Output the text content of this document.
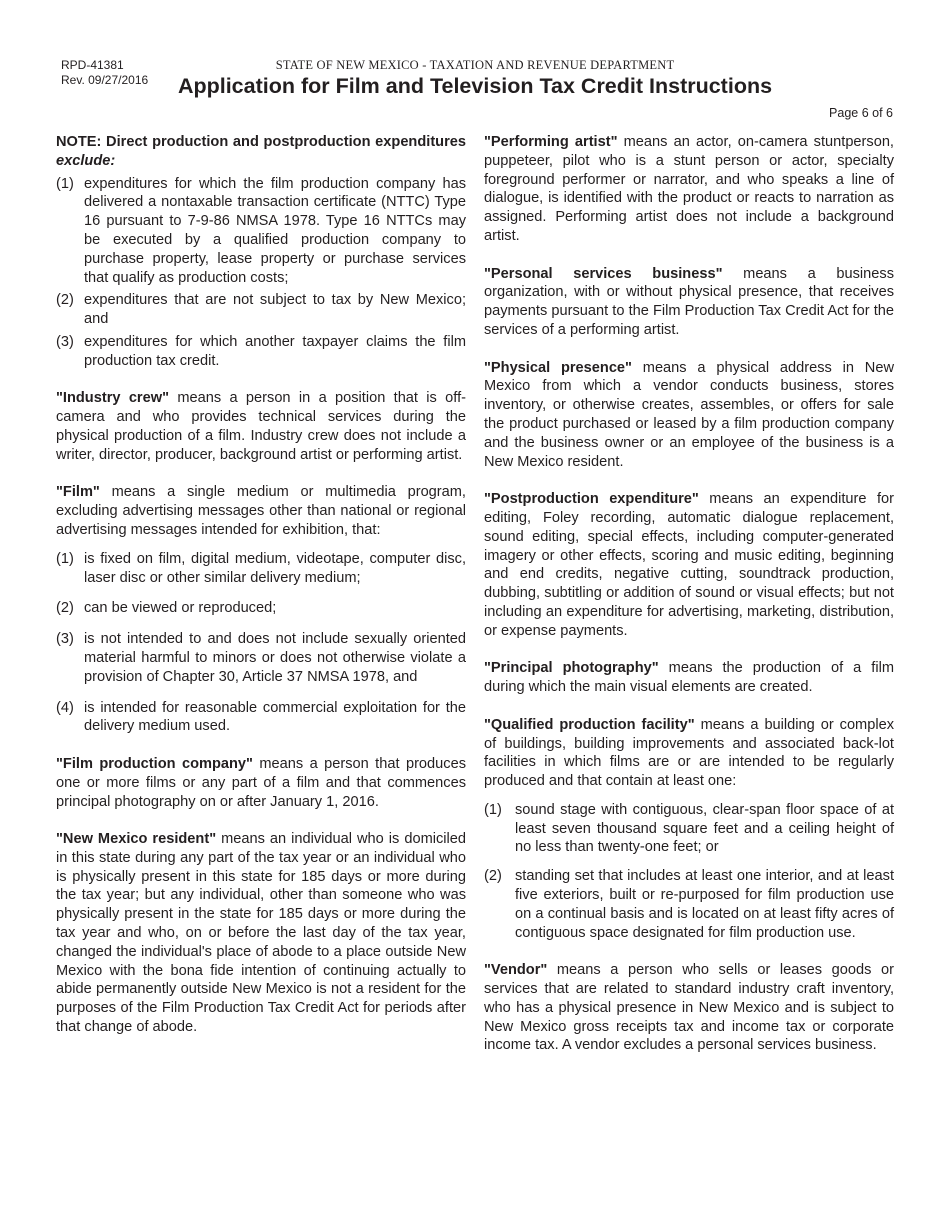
RPD-41381
Rev. 09/27/2016
STATE OF NEW MEXICO - TAXATION AND REVENUE DEPARTMENT
Application for Film and Television Tax Credit Instructions
Page 6 of 6

NOTE: Direct production and postproduction expenditures exclude:

(1) expenditures for which the film production company has delivered a nontaxable transaction certificate (NTTC) Type 16 pursuant to 7-9-86 NMSA 1978. Type 16 NTTCs may be executed by a qualified production company to purchase property, lease property or purchase services that qualify as production costs;
(2) expenditures that are not subject to tax by New Mexico; and
(3) expenditures for which another taxpayer claims the film production tax credit.

"Industry crew" means a person in a position that is off-camera and who provides technical services during the physical production of a film. Industry crew does not include a writer, director, producer, background artist or performing artist.

"Film" means a single medium or multimedia program, excluding advertising messages other than national or regional advertising messages intended for exhibition, that:

(1) is fixed on film, digital medium, videotape, computer disc, laser disc or other similar delivery medium;
(2) can be viewed or reproduced;
(3) is not intended to and does not include sexually oriented material harmful to minors or does not otherwise violate a provision of Chapter 30, Article 37 NMSA 1978, and
(4) is intended for reasonable commercial exploitation for the delivery medium used.

"Film production company" means a person that produces one or more films or any part of a film and that commences principal photography on or after January 1, 2016.

"New Mexico resident" means an individual who is domiciled in this state during any part of the tax year or an individual who is physically present in this state for 185 days or more during the tax year; but any individual, other than someone who was physically present in the state for 185 days or more during the tax year and who, on or before the last day of the tax year, changed the individual's place of abode to a place outside New Mexico with the bona fide intention of continuing actually to abide permanently outside New Mexico is not a resident for the purposes of the Film Production Tax Credit Act for periods after that change of abode.

"Performing artist" means an actor, on-camera stuntperson, puppeteer, pilot who is a stunt person or actor, specialty foreground performer or narrator, and who speaks a line of dialogue, is identified with the product or reacts to narration as assigned. Performing artist does not include a background artist.

"Personal services business" means a business organization, with or without physical presence, that receives payments pursuant to the Film Production Tax Credit Act for the services of a performing artist.

"Physical presence" means a physical address in New Mexico from which a vendor conducts business, stores inventory, or otherwise creates, assembles, or offers for sale the product purchased or leased by a film production company and the business owner or an employee of the business is a New Mexico resident.

"Postproduction expenditure" means an expenditure for editing, Foley recording, automatic dialogue replacement, sound editing, special effects, including computer-generated imagery or other effects, scoring and music editing, beginning and end credits, negative cutting, soundtrack production, dubbing, subtitling or addition of sound or visual effects; but not including an expenditure for advertising, marketing, distribution, or expense payments.

"Principal photography" means the production of a film during which the main visual elements are created.

"Qualified production facility" means a building or complex of buildings, building improvements and associated back-lot facilities in which films are or are intended to be regularly produced and that contain at least one:

(1) sound stage with contiguous, clear-span floor space of at least seven thousand square feet and a ceiling height of no less than twenty-one feet; or
(2) standing set that includes at least one interior, and at least five exteriors, built or re-purposed for film production use on a continual basis and is located on at least fifty acres of contiguous space designated for film production use.

"Vendor" means a person who sells or leases goods or services that are related to standard industry craft inventory, who has a physical presence in New Mexico and is subject to New Mexico gross receipts tax and income tax or corporate income tax. A vendor excludes a personal services business.
